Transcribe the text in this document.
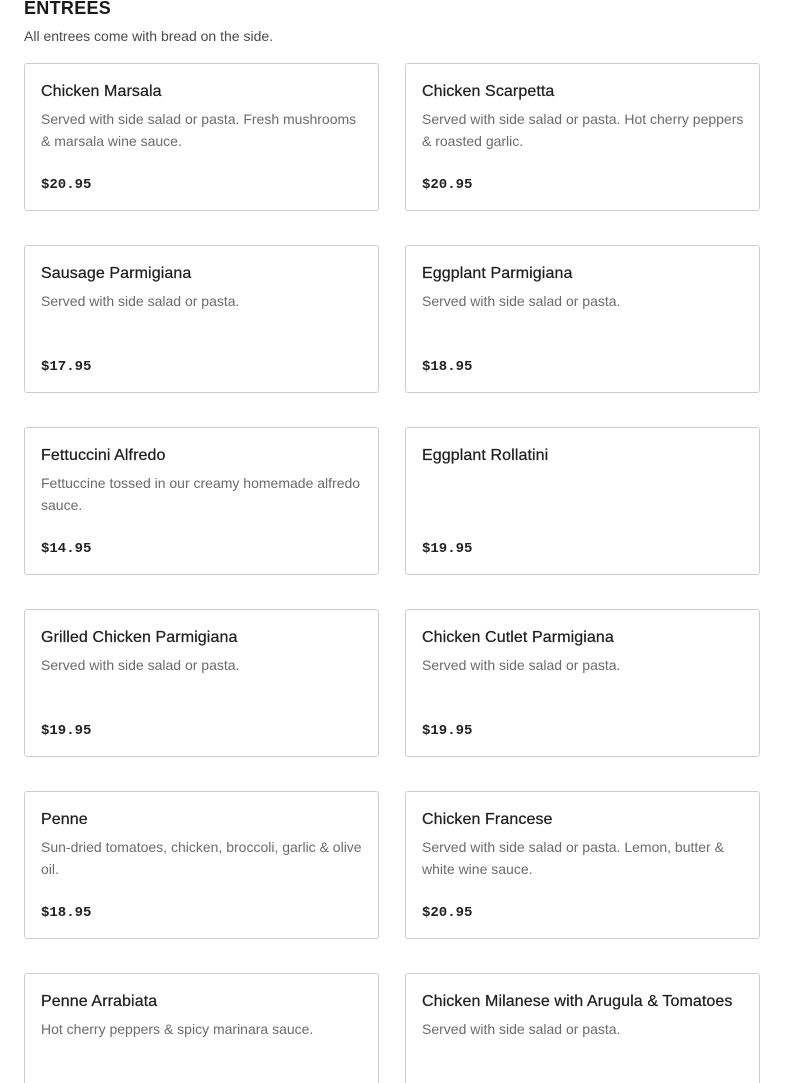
ENTREES
All entrees come with bread on the side.
Chicken Marsala
Served with side salad or pasta. Fresh mushrooms & marsala wine sauce.
$20.95
Chicken Scarpetta
Served with side salad or pasta. Hot cherry peppers & roasted garlic.
$20.95
Sausage Parmigiana
Served with side salad or pasta.
$17.95
Eggplant Parmigiana
Served with side salad or pasta.
$18.95
Fettuccini Alfredo
Fettuccine tossed in our creamy homemade alfredo sauce.
$14.95
Eggplant Rollatini
$19.95
Grilled Chicken Parmigiana
Served with side salad or pasta.
$19.95
Chicken Cutlet Parmigiana
Served with side salad or pasta.
$19.95
Penne
Sun-dried tomatoes, chicken, broccoli, garlic & olive oil.
$18.95
Chicken Francese
Served with side salad or pasta. Lemon, butter & white wine sauce.
$20.95
Penne Arrabiata
Hot cherry peppers & spicy marinara sauce.
Chicken Milanese with Arugula & Tomatoes
Served with side salad or pasta.
